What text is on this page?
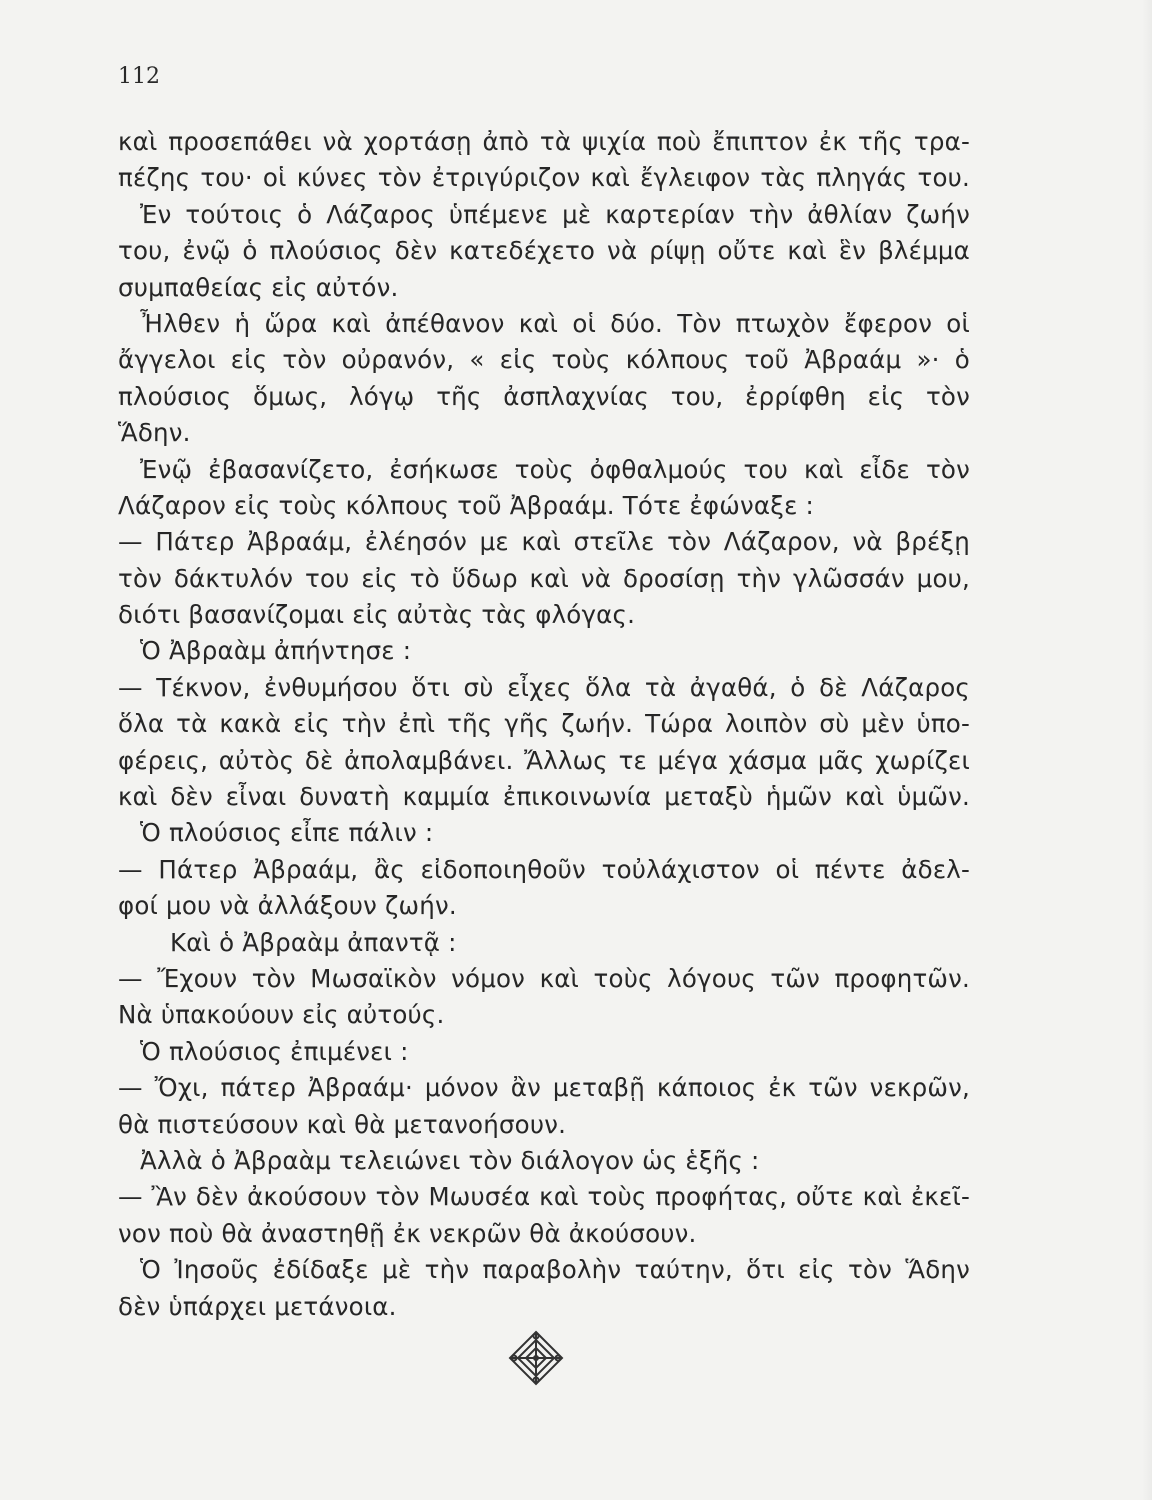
112
καὶ προσεπάθει νὰ χορτάσῃ ἀπὸ τὰ ψιχία ποὺ ἔπιπτον ἐκ τῆς τρα-
πέζης του· οἱ κύνες τὸν ἐτριγύριζον καὶ ἔγλειφον τὰς πληγάς του.
Ἐν τούτοις ὁ Λάζαρος ὑπέμενε μὲ καρτερίαν τὴν ἀθλίαν ζωήν
του, ἐνῷ ὁ πλούσιος δὲν κατεδέχετο νὰ ρίψῃ οὔτε καὶ ἓν βλέμμα
συμπαθείας εἰς αὐτόν.
Ἦλθεν ἡ ὥρα καὶ ἀπέθανον καὶ οἱ δύο. Τὸν πτωχὸν ἔφερον οἱ
ἄγγελοι εἰς τὸν οὐρανόν, « εἰς τοὺς κόλπους τοῦ Ἀβραάμ »· ὁ
πλούσιος ὅμως, λόγῳ τῆς ἀσπλαχνίας του, ἐρρίφθη εἰς τὸν
Ἅδην.
Ἐνῷ ἐβασανίζετο, ἐσήκωσε τοὺς ὀφθαλμούς του καὶ εἶδε τὸν
Λάζαρον εἰς τοὺς κόλπους τοῦ Ἀβραάμ. Τότε ἐφώναξε :
— Πάτερ Ἀβραάμ, ἐλέησόν με καὶ στεῖλε τὸν Λάζαρον, νὰ βρέξῃ
τὸν δάκτυλόν του εἰς τὸ ὕδωρ καὶ νὰ δροσίσῃ τὴν γλῶσσάν μου,
διότι βασανίζομαι εἰς αὐτὰς τὰς φλόγας.
Ὁ Ἀβραὰμ ἀπήντησε :
— Τέκνον, ἐνθυμήσου ὅτι σὺ εἶχες ὅλα τὰ ἀγαθά, ὁ δὲ Λάζαρος
ὅλα τὰ κακὰ εἰς τὴν ἐπὶ τῆς γῆς ζωήν. Τώρα λοιπὸν σὺ μὲν ὑπο-
φέρεις, αὐτὸς δὲ ἀπολαμβάνει. Ἄλλως τε μέγα χάσμα μᾶς χωρίζει
καὶ δὲν εἶναι δυνατὴ καμμία ἐπικοινωνία μεταξὺ ἡμῶν καὶ ὑμῶν.
Ὁ πλούσιος εἶπε πάλιν :
— Πάτερ Ἀβραάμ, ἂς εἰδοποιηθοῦν τοὐλάχιστον οἱ πέντε ἀδελ-
φοί μου νὰ ἀλλάξουν ζωήν.
Καὶ ὁ Ἀβραὰμ ἀπαντᾷ :
— Ἔχουν τὸν Μωσαϊκὸν νόμον καὶ τοὺς λόγους τῶν προφητῶν.
Νὰ ὑπακούουν εἰς αὐτούς.
Ὁ πλούσιος ἐπιμένει :
— Ὄχι, πάτερ Ἀβραάμ· μόνον ἂν μεταβῇ κάποιος ἐκ τῶν νεκρῶν,
θὰ πιστεύσουν καὶ θὰ μετανοήσουν.
Ἀλλὰ ὁ Ἀβραὰμ τελειώνει τὸν διάλογον ὡς ἑξῆς :
— Ἂν δὲν ἀκούσουν τὸν Μωυσέα καὶ τοὺς προφήτας, οὔτε καὶ ἐκεῖ-
νον ποὺ θὰ ἀναστηθῇ ἐκ νεκρῶν θὰ ἀκούσουν.
Ὁ Ἰησοῦς ἐδίδαξε μὲ τὴν παραβολὴν ταύτην, ὅτι εἰς τὸν Ἅδην
δὲν ὑπάρχει μετάνοια.
